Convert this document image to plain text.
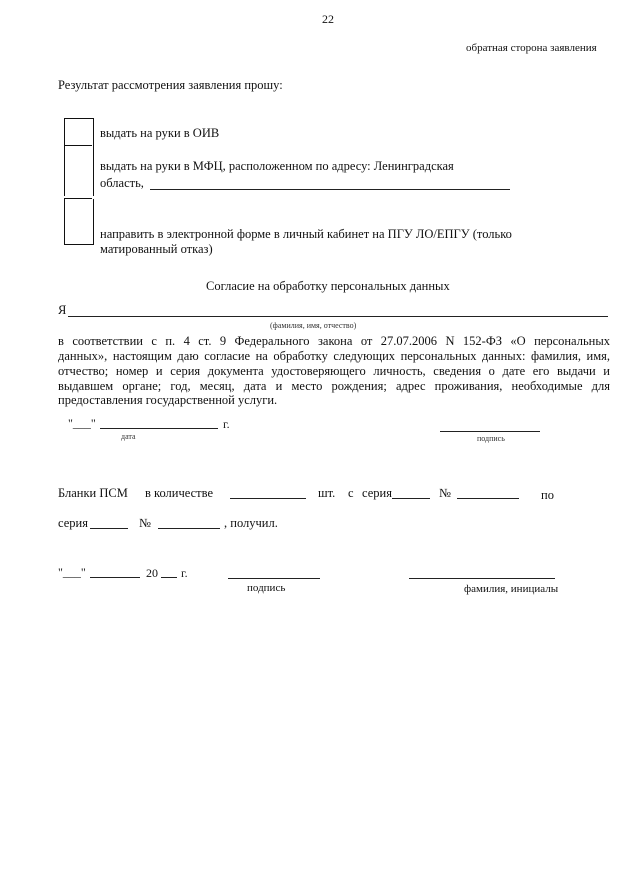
22
обратная сторона заявления
Результат рассмотрения заявления прошу:
выдать на руки в ОИВ
выдать на руки в МФЦ, расположенном по адресу: Ленинградская
область,
направить в электронной форме в личный кабинет на ПГУ ЛО/ЕПГУ (только
матированный отказ)
Согласие на обработку персональных данных
Я
(фамилия, имя, отчество)
в соответствии с п. 4 ст. 9 Федерального закона от 27.07.2006 N 152-ФЗ «О персональных
данных», настоящим даю согласие на обработку следующих персональных данных: фамилия, имя,
отчество; номер и серия документа удостоверяющего личность, сведения о дате его выдачи и
выдавшем органе; год, месяц, дата и место рождения; адрес проживания, необходимые для
предоставления государственной услуги.
"___"	г.
дата	подпись
Бланки ПСМ в количестве	шт. с серия	№	по
серия	№	, получил.
"___"	20 г.
подпись	фамилия, инициалы
